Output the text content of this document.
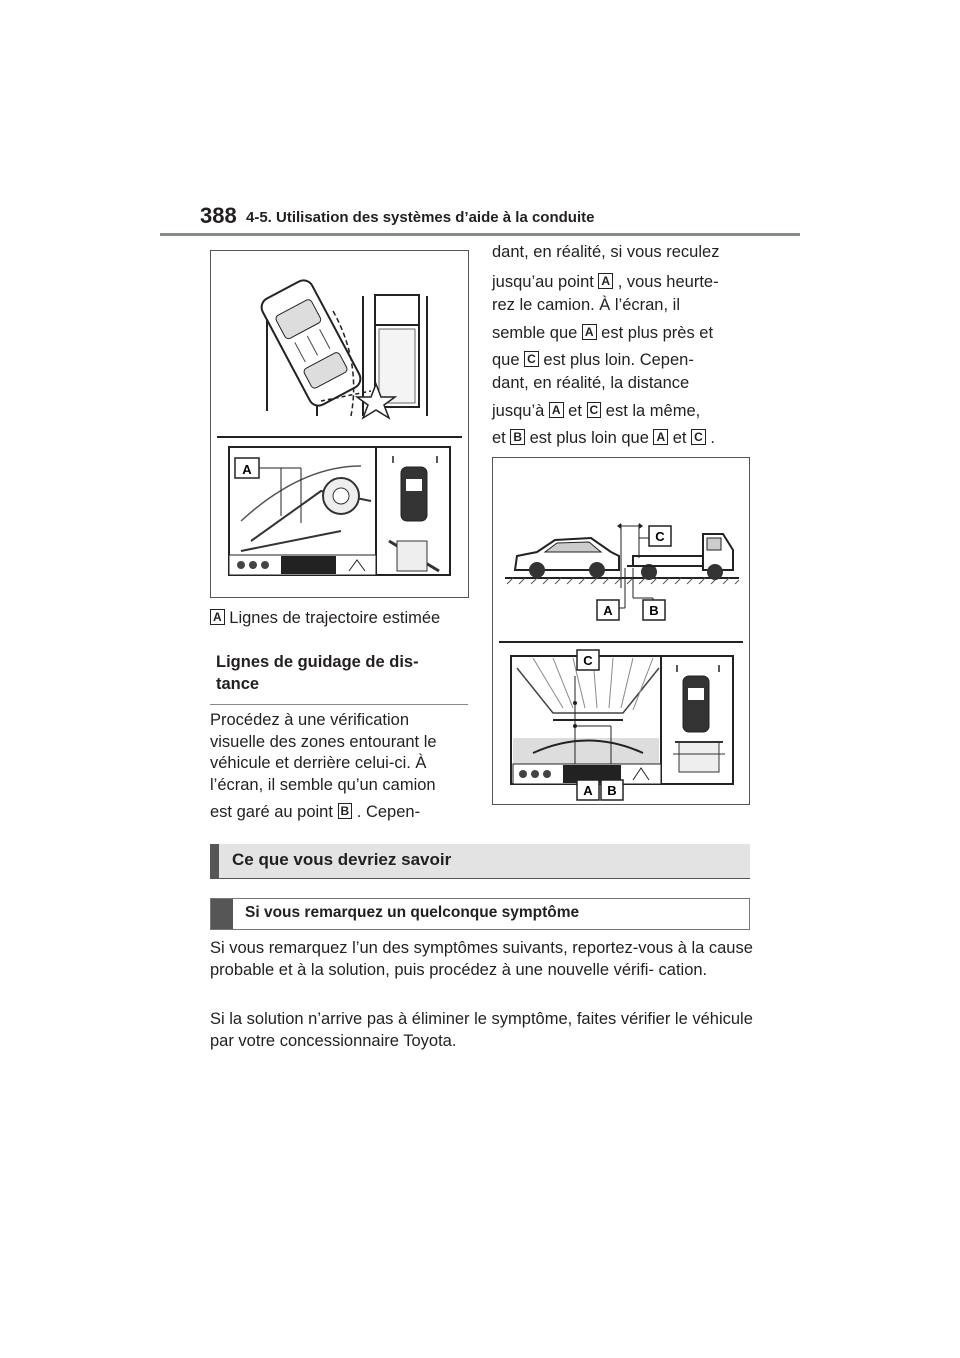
388 4-5. Utilisation des systèmes d’aide à la conduite
A
A Lignes de trajectoire estimée
Lignes de guidage de dis-
tance
Procédez à une vérification
visuelle des zones entourant le
véhicule et derrière celui-ci. À
l’écran, il semble qu’un camion
est garé au point B . Cepen-
dant, en réalité, si vous reculez
jusqu’au point A , vous heurte-
rez le camion. À l’écran, il
semble que A est plus près et
que C est plus loin. Cepen-
dant, en réalité, la distance
jusqu’à A et C est la même,
et B est plus loin que A et C .
C
A	B
C
A B
Ce que vous devriez savoir
Si vous remarquez un quelconque symptôme
Si vous remarquez l’un des symptômes suivants, reportez-vous à la cause probable et à la solution, puis procédez à une nouvelle vérifi- cation.
Si la solution n’arrive pas à éliminer le symptôme, faites vérifier le véhicule par votre concessionnaire Toyota.
